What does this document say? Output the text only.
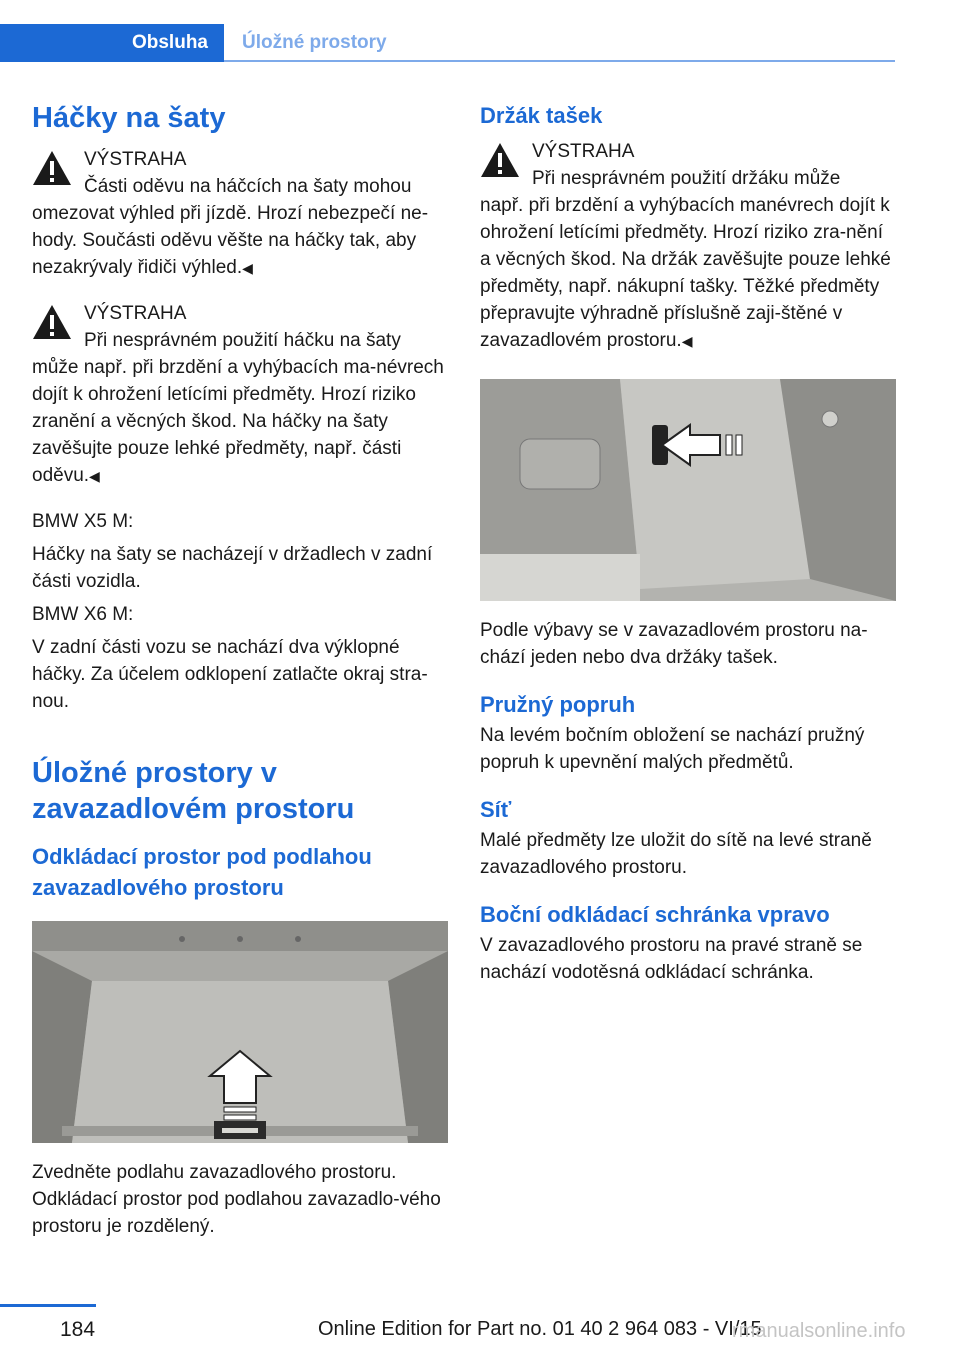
Obsluha	Úložné prostory
Háčky na šaty
VÝSTRAHA

Části oděvu na háčcích na šaty mohou

omezovat výhled při jízdě. Hrozí nebezpečí ne-hody. Součásti oděvu věšte na háčky tak, aby nezakrývaly řidiči výhled.◀

VÝSTRAHA

Při nesprávném použití háčku na šaty

může např. při brzdění a vyhýbacích ma-névrech dojít k ohrožení letícími předměty. Hrozí riziko zranění a věcných škod. Na háčky na šaty zavěšujte pouze lehké předměty, např. části oděvu.◀

BMW X5 M:

Háčky na šaty se nacházejí v držadlech v zadní části vozidla.

BMW X6 M:

V zadní části vozu se nachází dva výklopné háčky. Za účelem odklopení zatlačte okraj stra-nou.

Úložné prostory v zavazadlovém prostoru
Odkládací prostor pod podlahou zavazadlového prostoru

Zvedněte podlahu zavazadlového prostoru. Odkládací prostor pod podlahou zavazadlo-vého prostoru je rozdělený.

Držák tašek
VÝSTRAHA

Při nesprávném použití držáku může

např. při brzdění a vyhýbacích manévrech dojít k ohrožení letícími předměty. Hrozí riziko zra-nění a věcných škod. Na držák zavěšujte pouze lehké předměty, např. nákupní tašky. Těžké předměty přepravujte výhradně příslušně zaji-štěné v zavazadlovém prostoru.◀

Podle výbavy se v zavazadlovém prostoru na-chází jeden nebo dva držáky tašek.

Pružný popruh

Na levém bočním obložení se nachází pružný popruh k upevnění malých předmětů.

Síť

Malé předměty lze uložit do sítě na levé straně zavazadlového prostoru.

Boční odkládací schránka vpravo

V zavazadlového prostoru na pravé straně se nachází vodotěsná odkládací schránka.

184	Online Edition for Part no. 01 40 2 964 083 - VI/15
rmanualsonline.info
